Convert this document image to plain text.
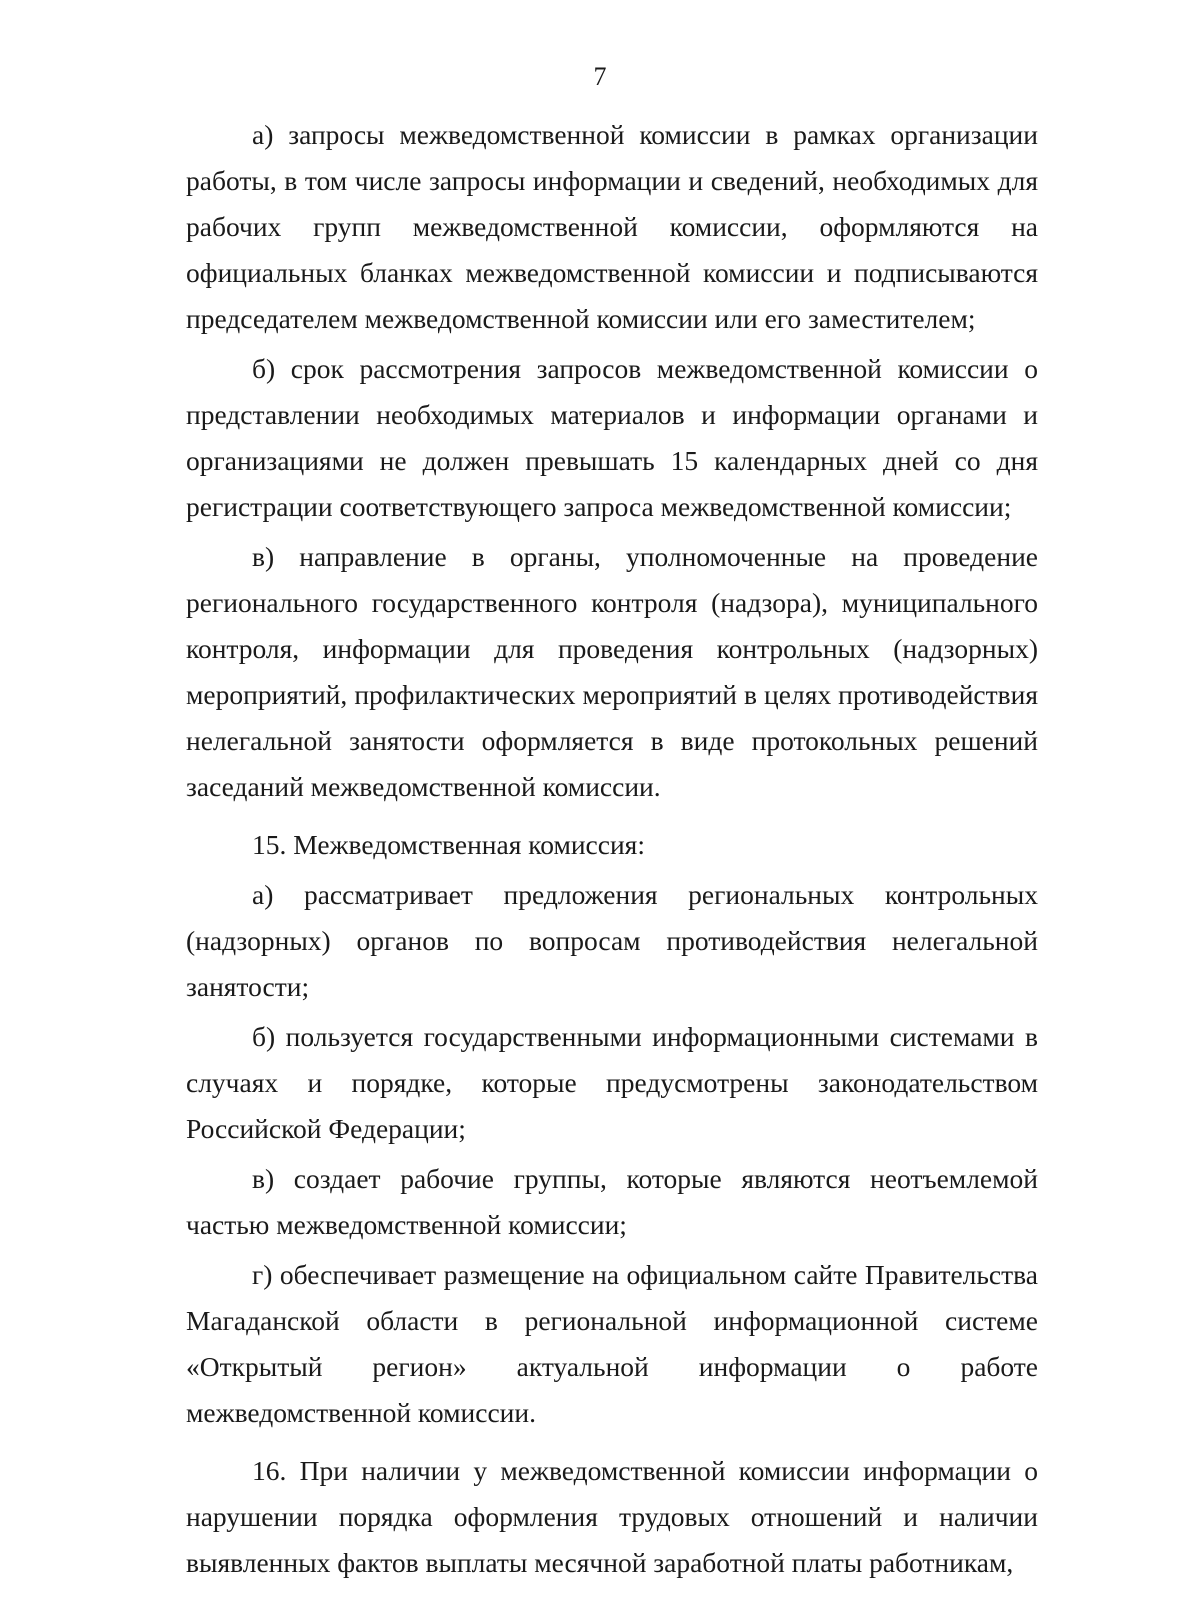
7

а) запросы межведомственной комиссии в рамках организации работы, в том числе запросы информации и сведений, необходимых для рабочих групп межведомственной комиссии, оформляются на официальных бланках межведомственной комиссии и подписываются председателем межведомственной комиссии или его заместителем;

б) срок рассмотрения запросов межведомственной комиссии о представлении необходимых материалов и информации органами и организациями не должен превышать 15 календарных дней со дня регистрации соответствующего запроса межведомственной комиссии;

в) направление в органы, уполномоченные на проведение регионального государственного контроля (надзора), муниципального контроля, информации для проведения контрольных (надзорных) мероприятий, профилактических мероприятий в целях противодействия нелегальной занятости оформляется в виде протокольных решений заседаний межведомственной комиссии.

15. Межведомственная комиссия:

а) рассматривает предложения региональных контрольных (надзорных) органов по вопросам противодействия нелегальной занятости;

б) пользуется государственными информационными системами в случаях и порядке, которые предусмотрены законодательством Российской Федерации;

в) создает рабочие группы, которые являются неотъемлемой частью межведомственной комиссии;

г) обеспечивает размещение на официальном сайте Правительства Магаданской области в региональной информационной системе «Открытый регион» актуальной информации о работе межведомственной комиссии.

16. При наличии у межведомственной комиссии информации о нарушении порядка оформления трудовых отношений и наличии выявленных фактов выплаты месячной заработной платы работникам,
